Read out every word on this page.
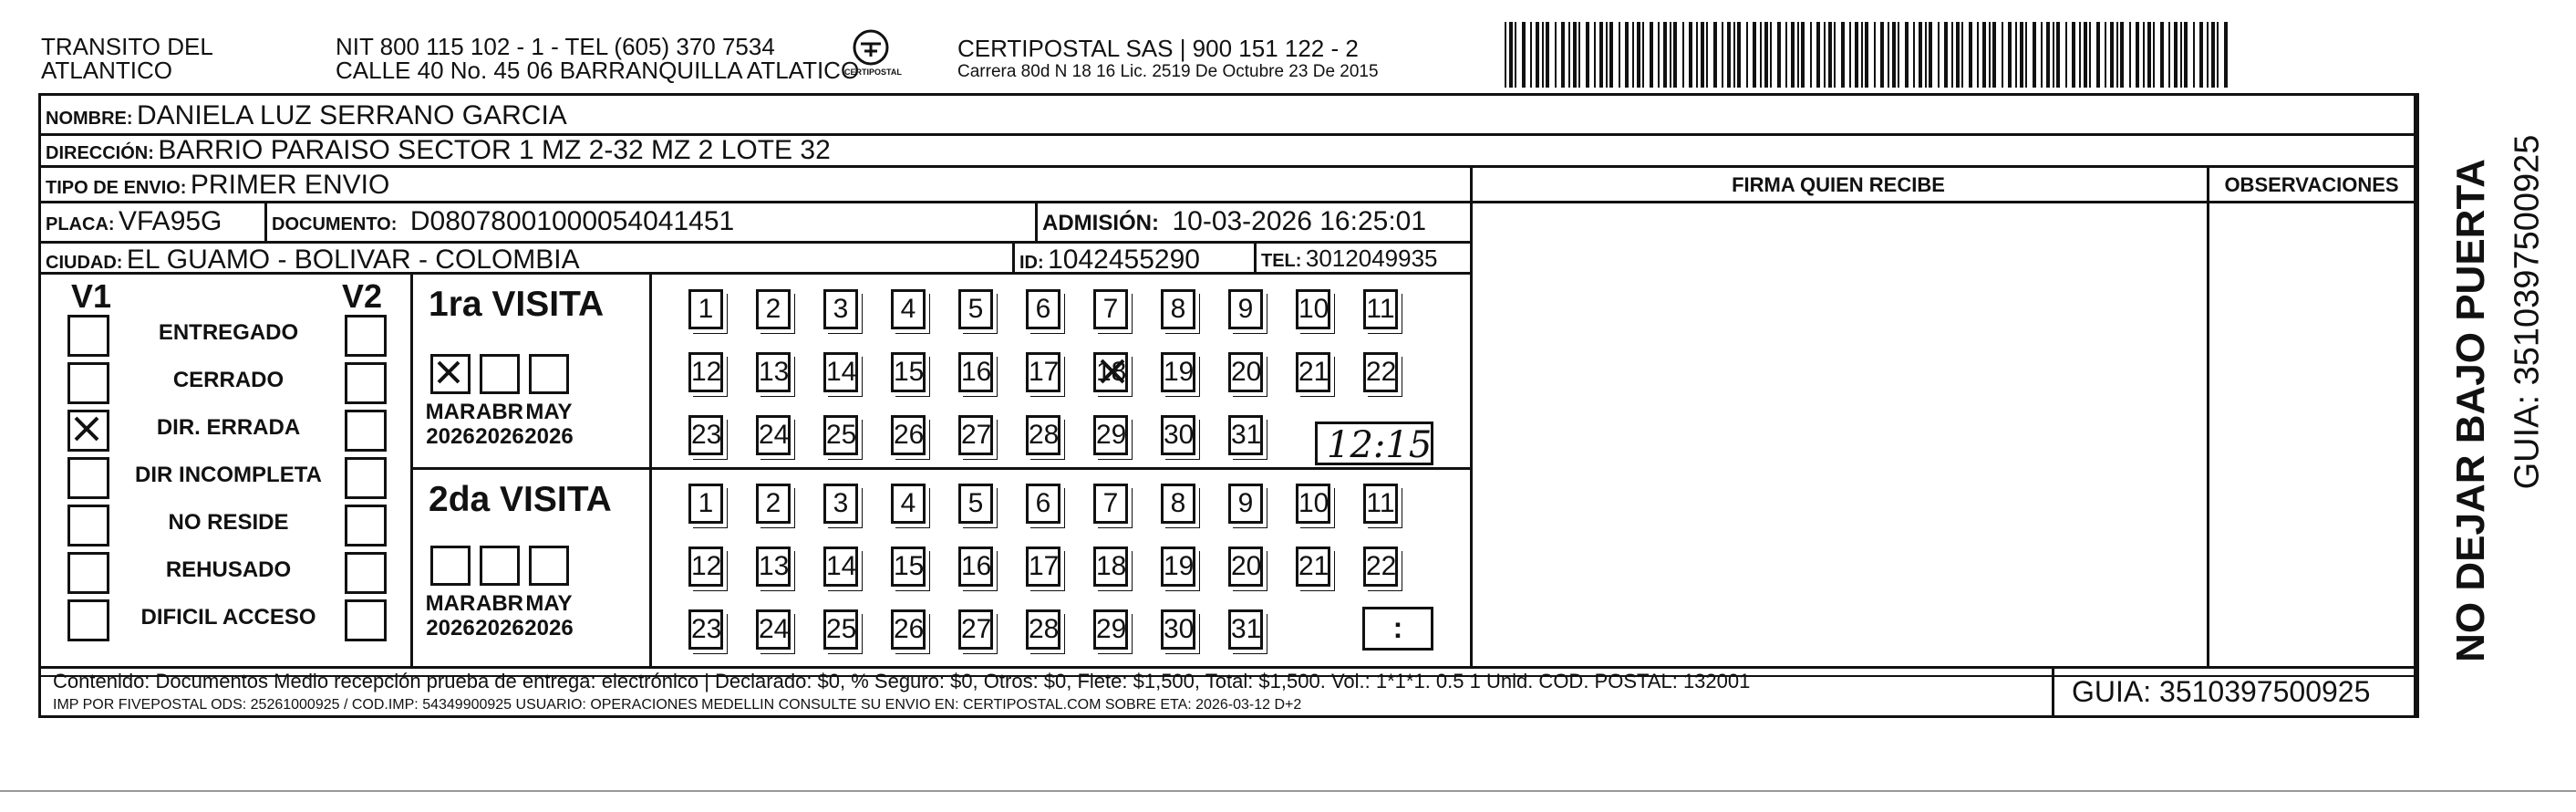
TRANSITO DEL
ATLANTICO
NIT 800 115 102 - 1 - TEL (605) 370 7534
CALLE 40 No. 45 06 BARRANQUILLA ATLATICO
CERTIPOSTAL
CERTIPOSTAL SAS | 900 151 122 - 2
Carrera 80d N 18 16 Lic. 2519 De Octubre 23 De 2015
NOMBRE: DANIELA LUZ SERRANO GARCIA
DIRECCIÓN: BARRIO PARAISO SECTOR 1 MZ 2-32 MZ 2 LOTE 32
TIPO DE ENVIO: PRIMER ENVIO
PLACA: VFA95G	DOCUMENTO: D08078001000054041451	ADMISIÓN: 10-03-2026 16:25:01
CIUDAD: EL GUAMO - BOLIVAR - COLOMBIA	ID: 1042455290	TEL: 3012049935
FIRMA QUIEN RECIBE	OBSERVACIONES
V1	V2
ENTREGADO
CERRADO
DIR. ERRADA
DIR INCOMPLETA
NO RESIDE
REHUSADO
DIFICIL ACCESO
1ra VISITA
MAR
2026
ABR
2026
MAY
2026
1	2	3	4	5	6	7	8	9	10 11
12 13 14 15 16 17 18 19 20 21 22
23 24 25 26 27 28 29 30 31 12:15
2da VISITA
MAR
2026
ABR
2026
MAY
2026
1	2	3	4	5	6	7	8	9	10 11
12 13 14 15 16 17 18 19 20 21 22
23 24 25 26 27 28 29 30 31	:
Contenido: Documentos Medio recepción prueba de entrega: electrónico | Declarado: $0, % Seguro: $0, Otros: $0, Flete: $1,500, Total: $1,500. Vol.: 1*1*1. 0.5 1 Unid. COD. POSTAL: 132001
IMP POR FIVEPOSTAL ODS: 25261000925 / COD.IMP: 54349900925 USUARIO: OPERACIONES MEDELLIN CONSULTE SU ENVIO EN: CERTIPOSTAL.COM SOBRE ETA: 2026-03-12 D+2	GUIA: 3510397500925
NO DEJAR BAJO PUERTA GUIA: 3510397500925
